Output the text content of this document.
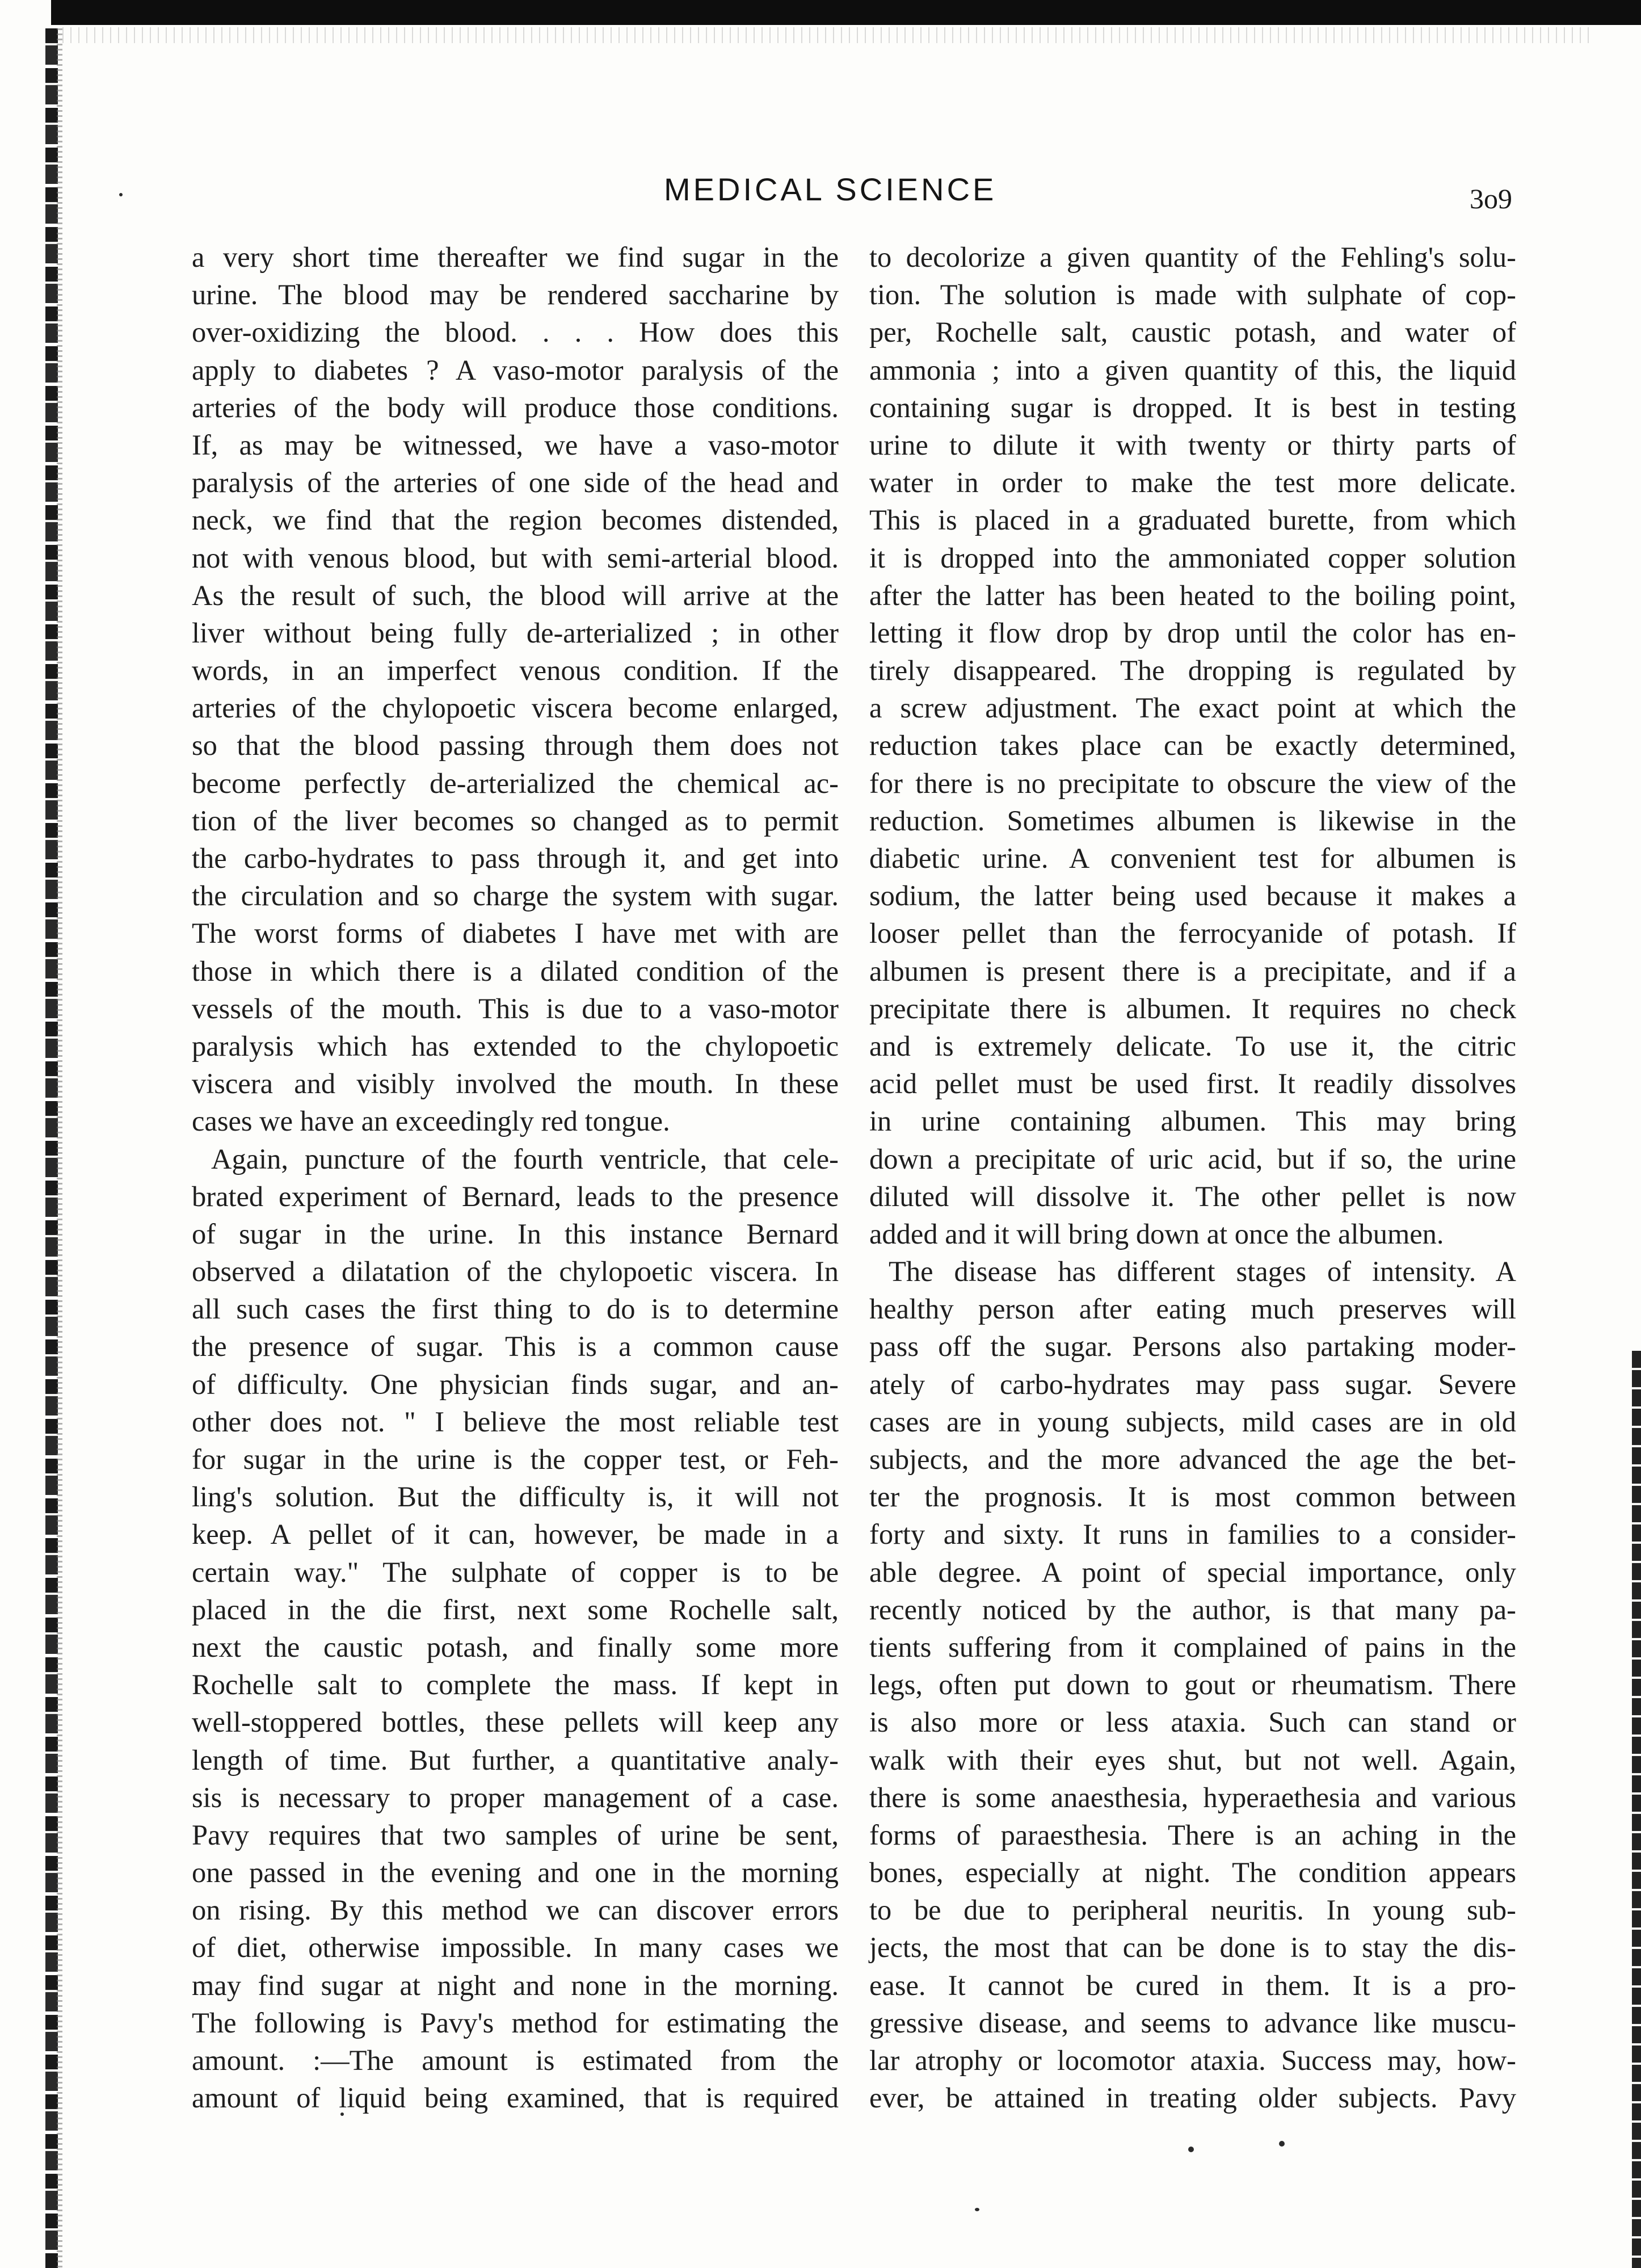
MEDICAL SCIENCE	3o9
a very short time thereafter we find sugar in the
urine. The blood may be rendered saccharine by
over-oxidizing the blood. . . . How does this
apply to diabetes ? A vaso-motor paralysis of the
arteries of the body will produce those conditions.
If, as may be witnessed, we have a vaso-motor
paralysis of the arteries of one side of the head and
neck, we find that the region becomes distended,
not with venous blood, but with semi-arterial blood.
As the result of such, the blood will arrive at the
liver without being fully de-arterialized ; in other
words, in an imperfect venous condition. If the
arteries of the chylopoetic viscera become enlarged,
so that the blood passing through them does not
become perfectly de-arterialized the chemical ac-
tion of the liver becomes so changed as to permit
the carbo-hydrates to pass through it, and get into
the circulation and so charge the system with sugar.
The worst forms of diabetes I have met with are
those in which there is a dilated condition of the
vessels of the mouth. This is due to a vaso-motor
paralysis which has extended to the chylopoetic
viscera and visibly involved the mouth. In these
cases we have an exceedingly red tongue.
Again, puncture of the fourth ventricle, that cele-
brated experiment of Bernard, leads to the presence
of sugar in the urine. In this instance Bernard
observed a dilatation of the chylopoetic viscera. In
all such cases the first thing to do is to determine
the presence of sugar. This is a common cause
of difficulty. One physician finds sugar, and an-
other does not. " I believe the most reliable test
for sugar in the urine is the copper test, or Feh-
ling's solution. But the difficulty is, it will not
keep. A pellet of it can, however, be made in a
certain way." The sulphate of copper is to be
placed in the die first, next some Rochelle salt,
next the caustic potash, and finally some more
Rochelle salt to complete the mass. If kept in
well-stoppered bottles, these pellets will keep any
length of time. But further, a quantitative analy-
sis is necessary to proper management of a case.
Pavy requires that two samples of urine be sent,
one passed in the evening and one in the morning
on rising. By this method we can discover errors
of diet, otherwise impossible. In many cases we
may find sugar at night and none in the morning.
The following is Pavy's method for estimating the
amount. :—The amount is estimated from the
amount of liquid being examined, that is required
to decolorize a given quantity of the Fehling's solu-
tion. The solution is made with sulphate of cop-
per, Rochelle salt, caustic potash, and water of
ammonia ; into a given quantity of this, the liquid
containing sugar is dropped. It is best in testing
urine to dilute it with twenty or thirty parts of
water in order to make the test more delicate.
This is placed in a graduated burette, from which
it is dropped into the ammoniated copper solution
after the latter has been heated to the boiling point,
letting it flow drop by drop until the color has en-
tirely disappeared. The dropping is regulated by
a screw adjustment. The exact point at which the
reduction takes place can be exactly determined,
for there is no precipitate to obscure the view of the
reduction. Sometimes albumen is likewise in the
diabetic urine. A convenient test for albumen is
sodium, the latter being used because it makes a
looser pellet than the ferrocyanide of potash. If
albumen is present there is a precipitate, and if a
precipitate there is albumen. It requires no check
and is extremely delicate. To use it, the citric
acid pellet must be used first. It readily dissolves
in urine containing albumen. This may bring
down a precipitate of uric acid, but if so, the urine
diluted will dissolve it. The other pellet is now
added and it will bring down at once the albumen.
The disease has different stages of intensity. A
healthy person after eating much preserves will
pass off the sugar. Persons also partaking moder-
ately of carbo-hydrates may pass sugar. Severe
cases are in young subjects, mild cases are in old
subjects, and the more advanced the age the bet-
ter the prognosis. It is most common between
forty and sixty. It runs in families to a consider-
able degree. A point of special importance, only
recently noticed by the author, is that many pa-
tients suffering from it complained of pains in the
legs, often put down to gout or rheumatism. There
is also more or less ataxia. Such can stand or
walk with their eyes shut, but not well. Again,
there is some anaesthesia, hyperaethesia and various
forms of paraesthesia. There is an aching in the
bones, especially at night. The condition appears
to be due to peripheral neuritis. In young sub-
jects, the most that can be done is to stay the dis-
ease. It cannot be cured in them. It is a pro-
gressive disease, and seems to advance like muscu-
lar atrophy or locomotor ataxia. Success may, how-
ever, be attained in treating older subjects. Pavy
